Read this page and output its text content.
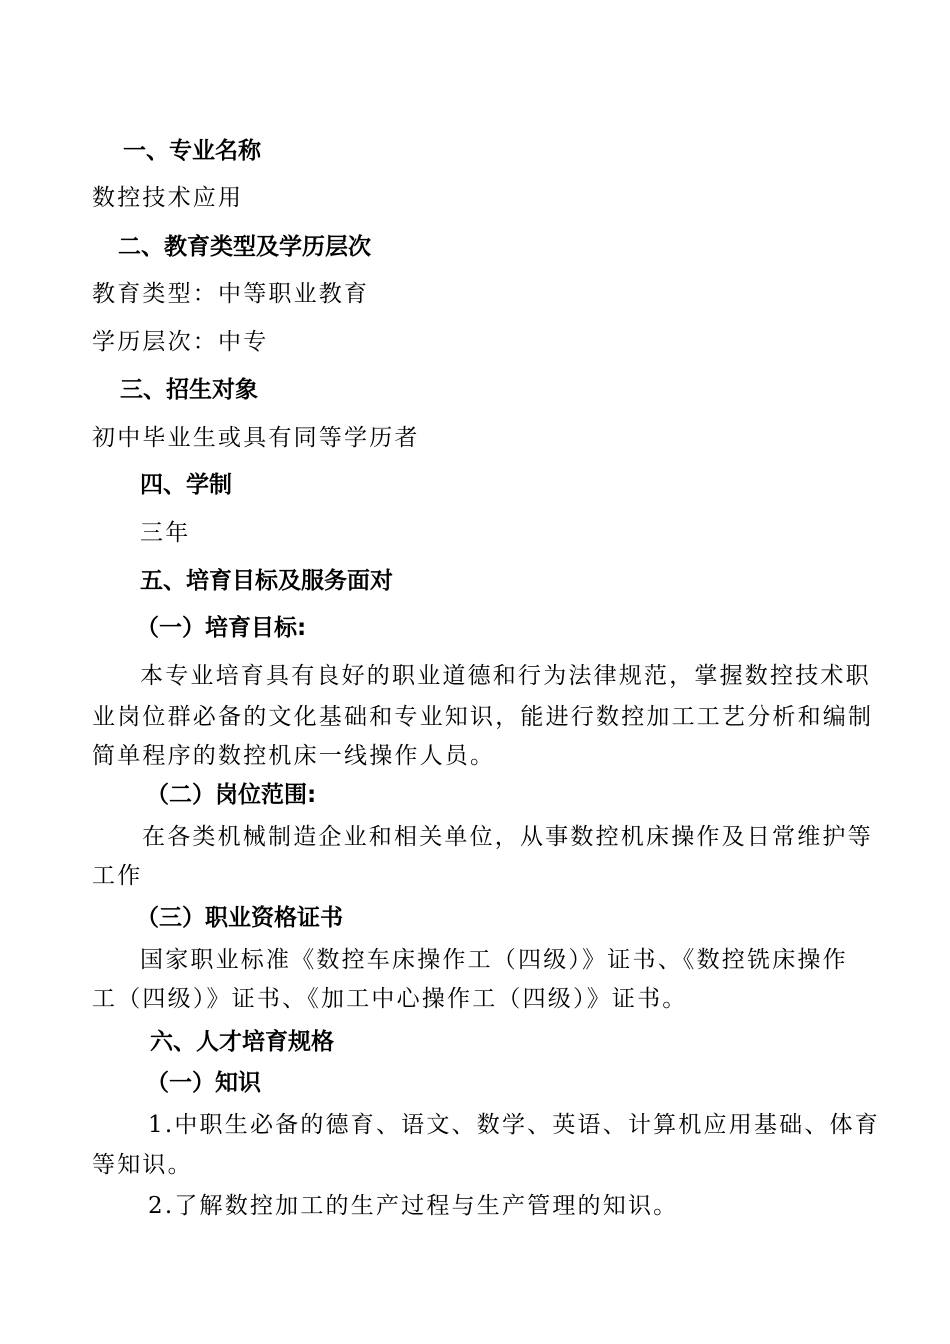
一、专业名称
数控技术应用
二、教育类型及学历层次
教育类型：中等职业教育
学历层次：中专
三、招生对象
初中毕业生或具有同等学历者
四、学制
三年
五、培育目标及服务面对
（一）培育目标:
本专业培育具有良好的职业道德和行为法律规范，掌握数控技术职
业岗位群必备的文化基础和专业知识，能进行数控加工工艺分析和编制
简单程序的数控机床一线操作人员。
（二）岗位范围:
在各类机械制造企业和相关单位，从事数控机床操作及日常维护等
工作
（三）职业资格证书
国家职业标准《数控车床操作工（四级）》证书、《数控铣床操作
工（四级）》证书、《加工中心操作工（四级）》证书。
六、人才培育规格
（一）知识
1.中职生必备的德育、语文、数学、英语、计算机应用基础、体育
等知识。
2.了解数控加工的生产过程与生产管理的知识。
